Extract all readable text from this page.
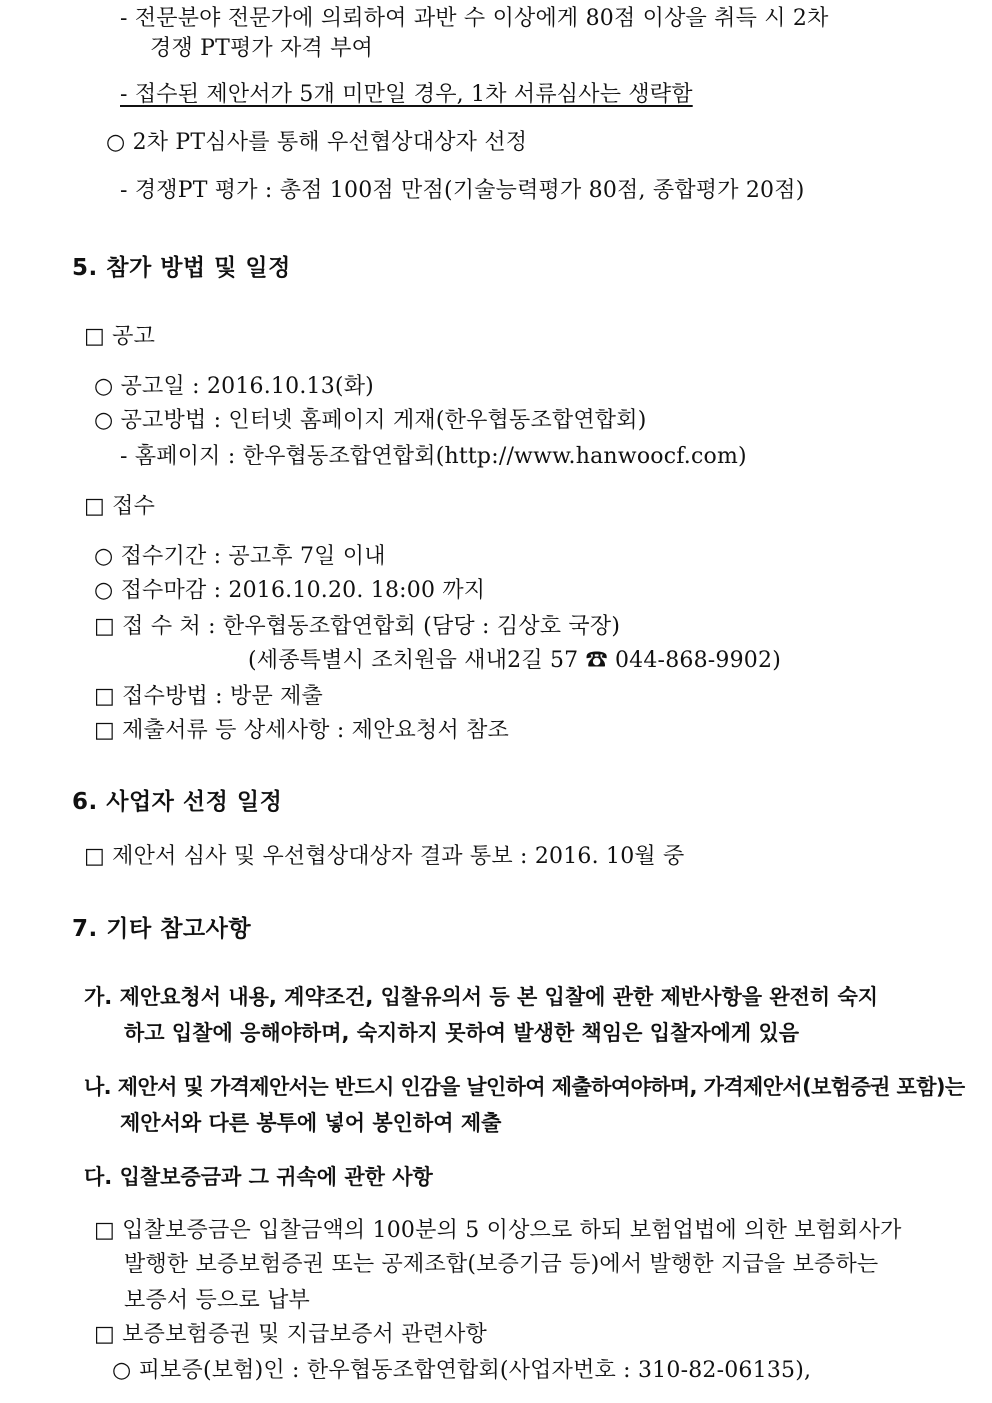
- 전문분야 전문가에 의뢰하여 과반 수 이상에게 80점 이상을 취득 시 2차
경쟁 PT평가 자격 부여
- 접수된 제안서가 5개 미만일 경우, 1차 서류심사는 생략함
○ 2차 PT심사를 통해 우선협상대상자 선정
- 경쟁PT 평가 : 총점 100점 만점(기술능력평가 80점, 종합평가 20점)
5. 참가 방법 및 일정
□ 공고
○ 공고일 : 2016.10.13(화)
○ 공고방법 : 인터넷 홈페이지 게재(한우협동조합연합회)
- 홈페이지 : 한우협동조합연합회(http://www.hanwoocf.com)
□ 접수
○ 접수기간 : 공고후 7일 이내
○ 접수마감 : 2016.10.20. 18:00 까지
□ 접 수 처 : 한우협동조합연합회 (담당 : 김상호 국장)
(세종특별시 조치원읍 새내2길 57 ☎ 044-868-9902)
□ 접수방법 : 방문 제출
□ 제출서류 등 상세사항 : 제안요청서 참조
6. 사업자 선정 일정
□ 제안서 심사 및 우선협상대상자 결과 통보 : 2016. 10월 중
7. 기타 참고사항
가. 제안요청서 내용, 계약조건, 입찰유의서 등 본 입찰에 관한 제반사항을 완전히 숙지
하고 입찰에 응해야하며, 숙지하지 못하여 발생한 책임은 입찰자에게 있음
나. 제안서 및 가격제안서는 반드시 인감을 날인하여 제출하여야하며, 가격제안서(보험증권 포함)는
제안서와 다른 봉투에 넣어 봉인하여 제출
다. 입찰보증금과 그 귀속에 관한 사항
□ 입찰보증금은 입찰금액의 100분의 5 이상으로 하되 보험업법에 의한 보험회사가
발행한 보증보험증권 또는 공제조합(보증기금 등)에서 발행한 지급을 보증하는
보증서 등으로 납부
□ 보증보험증권 및 지급보증서 관련사항
○ 피보증(보험)인 : 한우협동조합연합회(사업자번호 : 310-82-06135),
